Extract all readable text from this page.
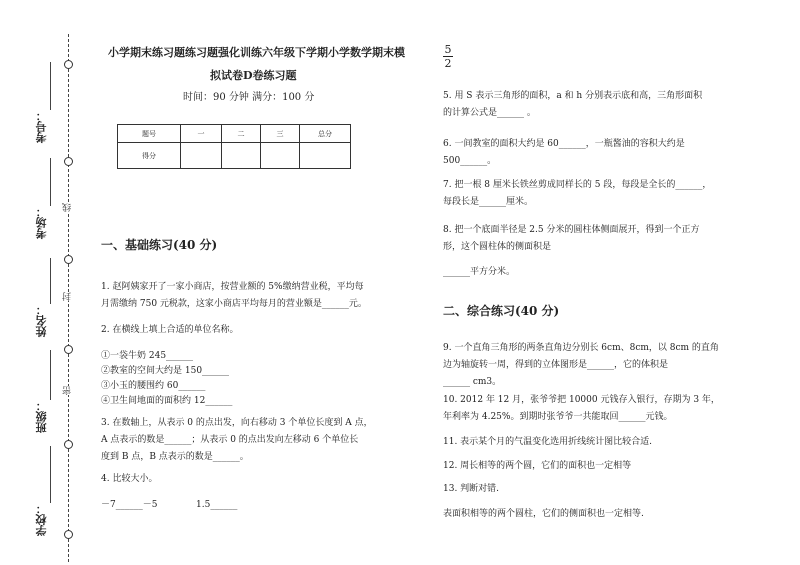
考号：
考场：
姓名：
班级：
学校：
线
封
密
小学期末练习题练习题强化训练六年级下学期小学数学期末模
拟试卷D卷练习题
时间：90 分钟 满分：100 分
题号	一	二	三	总分
得分				
一、基础练习(40 分)

1. 赵阿姨家开了一家小商店，按营业额的 5%缴纳营业税，平均每

月需缴纳 750 元税款，这家小商店平均每月的营业额是______元。

2. 在横线上填上合适的单位名称。

①一袋牛奶 245______

②教室的空间大约是 150______

③小玉的腰围约 60______

④卫生间地面的面积约 12______

3. 在数轴上，从表示 0 的点出发，向右移动 3 个单位长度到 A 点，

A 点表示的数是______；从表示 0 的点出发向左移动 6 个单位长

度到 B 点，B 点表示的数是______。

4. 比较大小。

－7______－5	1.5______

5
2

5. 用 S 表示三角形的面积，a 和 h 分别表示底和高，三角形面积

的计算公式是______ 。

6. 一间教室的面积大约是 60______，一瓶酱油的容积大约是

500______。

7. 把一根 8 厘米长铁丝剪成同样长的 5 段，每段是全长的______，

每段长是______厘米。

8. 把一个底面半径是 2.5 分米的圆柱体侧面展开，得到一个正方

形，这个圆柱体的侧面积是

______平方分米。

9. 一个直角三角形的两条直角边分别长 6cm、8cm，以 8cm 的直角

边为轴旋转一周，得到的立体图形是______，它的体积是

______ cm3。

10. 2012 年 12 月，张爷爷把 10000 元钱存入银行，存期为 3 年，

年利率为 4.25%。到期时张爷爷一共能取回______元钱。

11. 表示某个月的气温变化选用折线统计图比较合适.

12. 周长相等的两个圆，它们的面积也一定相等

13. 判断对错.

表面积相等的两个圆柱，它们的侧面积也一定相等.

二、综合练习(40 分)
